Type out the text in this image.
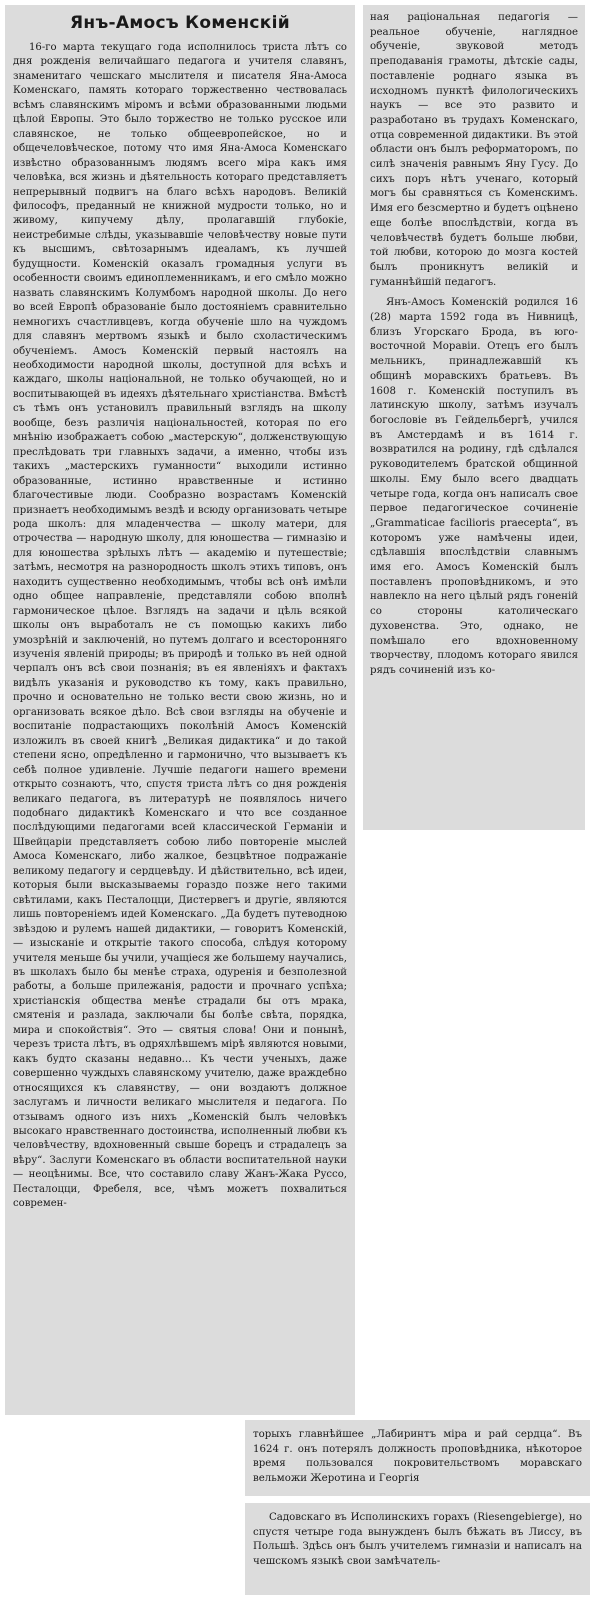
Янъ-Амосъ Коменскій

16-го марта текущаго года исполнилось триста лѣтъ со дня рожденія величайшаго педагога и учителя славянъ, знаменитаго чешскаго мыслителя и писателя Яна-Амоса Коменскаго, память котораго торжественно чествовалась всѣмъ славянскимъ міромъ и всѣми образованными людьми цѣлой Европы. Это было торжество не только русское или славянское, не только общеевропейское, но и общечеловѣческое, потому что имя Яна-Амоса Коменскаго извѣстно образованнымъ людямъ всего міра какъ имя человѣка, вся жизнь и дѣятельность котораго представляетъ непрерывный подвигъ на благо всѣхъ народовъ. Великій философъ, преданный не книжной мудрости только, но и живому, кипучему дѣлу, пролагавшій глубокіе, неистребимые слѣды, указывавшіе человѣчеству новые пути къ высшимъ, свѣтозарнымъ идеаламъ, къ лучшей будущности. Коменскій оказалъ громадныя услуги въ особенности своимъ единоплеменникамъ, и его смѣло можно назвать славянскимъ Колумбомъ народной школы. До него во всей Европѣ образованіе было достояніемъ сравнительно немногихъ счастливцевъ, когда обученіе шло на чуждомъ для славянъ мертвомъ языкѣ и было схоластическимъ обученіемъ. Амосъ Коменскій первый настоялъ на необходимости народной школы, доступной для всѣхъ и каждаго, школы національной, не только обучающей, но и воспитывающей въ идеяхъ дѣятельнаго христіанства. Вмѣстѣ съ тѣмъ онъ установилъ правильный взглядъ на школу вообще, безъ различія національностей, которая по его мнѣнію изображаетъ собою „мастерскую“, долженствующую преслѣдовать три главныхъ задачи, а именно, чтобы изъ такихъ „мастерскихъ гуманности“ выходили истинно образованные, истинно нравственные и истинно благочестивые люди. Сообразно возрастамъ Коменскій признаетъ необходимымъ вездѣ и всюду организовать четыре рода школъ: для младенчества — школу матери, для отрочества — народную школу, для юношества — гимназію и для юношества зрѣлыхъ лѣтъ — академію и путешествіе; затѣмъ, несмотря на разнородность школъ этихъ типовъ, онъ находитъ существенно необходимымъ, чтобы всѣ онѣ имѣли одно общее направленіе, представляли собою вполнѣ гармоническое цѣлое. Взглядъ на задачи и цѣль всякой школы онъ выработалъ не съ помощью какихъ либо умозрѣній и заключеній, но путемъ долгаго и всесторонняго изученія явленій природы; въ природѣ и только въ ней одной черпалъ онъ всѣ свои познанія; въ ея явленіяхъ и фактахъ видѣлъ указанія и руководство къ тому, какъ правильно, прочно и основательно не только вести свою жизнь, но и организовать всякое дѣло. Всѣ свои взгляды на обученіе и воспитаніе подрастающихъ поколѣній Амосъ Коменскій изложилъ въ своей книгѣ „Великая дидактика“ и до такой степени ясно, опредѣленно и гармонично, что вызываетъ къ себѣ полное удивленіе. Лучшіе педагоги нашего времени открыто сознаютъ, что, спустя триста лѣтъ со дня рожденія великаго педагога, въ литературѣ не появлялось ничего подобнаго дидактикѣ Коменскаго и что все созданное послѣдующими педагогами всей классической Германіи и Швейцаріи представляетъ собою либо повтореніе мыслей Амоса Коменскаго, либо жалкое, безцвѣтное подражаніе великому педагогу и сердцевѣду. И дѣйствительно, всѣ идеи, которыя были высказываемы гораздо позже него такими свѣтилами, какъ Песталоцци, Дистервегъ и другіе, являются лишь повтореніемъ идей Коменскаго. „Да будетъ путеводною звѣздою и рулемъ нашей дидактики, — говоритъ Коменскій, — изысканіе и открытіе такого способа, слѣдуя которому учителя меньше бы учили, учащіеся же большему научались, въ школахъ было бы менѣе страха, одуренія и безполезной работы, а больше прилежанія, радости и прочнаго успѣха; христіанскія общества менѣе страдали бы отъ мрака, смятенія и разлада, заключали бы болѣе свѣта, порядка, мира и спокойствія“. Это — святыя слова! Они и понынѣ, черезъ триста лѣтъ, въ одряхлѣвшемъ мірѣ являются новыми, какъ будто сказаны недавно... Къ чести ученыхъ, даже совершенно чуждыхъ славянскому учителю, даже враждебно относящихся къ славянству, — они воздаютъ должное заслугамъ и личности великаго мыслителя и педагога. По отзывамъ одного изъ нихъ „Коменскій былъ человѣкъ высокаго нравственнаго достоинства, исполненный любви къ человѣчеству, вдохновенный свыше борецъ и страдалецъ за вѣру“. Заслуги Коменскаго въ области воспитательной науки — неоцѣнимы. Все, что составило славу Жанъ-Жака Руссо, Песталоцци, Фребеля, все, чѣмъ можетъ похвалиться современ-

ная раціональная педагогія — реальное обученіе, наглядное обученіе, звуковой методъ преподаванія грамоты, дѣтскіе сады, поставленіе роднаго языка въ исходномъ пунктѣ филологическихъ наукъ — все это развито и разработано въ трудахъ Коменскаго, отца современной дидактики. Въ этой области онъ былъ реформаторомъ, по силѣ значенія равнымъ Яну Гусу. До сихъ поръ нѣтъ ученаго, который могъ бы сравняться съ Коменскимъ. Имя его безсмертно и будетъ оцѣнено еще болѣе впослѣдствіи, когда въ человѣчествѣ будетъ больше любви, той любви, которою до мозга костей былъ проникнутъ великій и гуманнѣйшій педагогъ.

Янъ-Амосъ Коменскій родился 16 (28) марта 1592 года въ Нивницѣ, близъ Угорскаго Брода, въ юго-восточной Моравіи. Отецъ его былъ мельникъ, принадлежавшій къ общинѣ моравскихъ братьевъ. Въ 1608 г. Коменскій поступилъ въ латинскую школу, затѣмъ изучалъ богословіе въ Гейдельбергѣ, учился въ Амстердамѣ и въ 1614 г. возвратился на родину, гдѣ сдѣлался руководителемъ братской общинной школы. Ему было всего двадцать четыре года, когда онъ написалъ свое первое педагогическое сочиненіе „Grammaticae facilioris praecepta“, въ которомъ уже намѣчены идеи, сдѣлавшія впослѣдствіи славнымъ имя его. Амосъ Коменскій былъ поставленъ проповѣдникомъ, и это навлекло на него цѣлый рядъ гоненій со стороны католическаго духовенства. Это, однако, не помѣшало его вдохновенному творчеству, плодомъ котораго явился рядъ сочиненій изъ ко-

торыхъ главнѣйшее „Лабиринтъ міра и рай сердца“. Въ 1624 г. онъ потерялъ должность проповѣдника, нѣкоторое время пользовался покровительствомъ моравскаго вельможи Жеротина и Георгія

Садовскаго въ Исполинскихъ горахъ (Riesengebierge), но спустя четыре года вынужденъ былъ бѣжать въ Лиссу, въ Польшѣ. Здѣсь онъ былъ учителемъ гимназіи и написалъ на чешскомъ языкѣ свои замѣчатель-
